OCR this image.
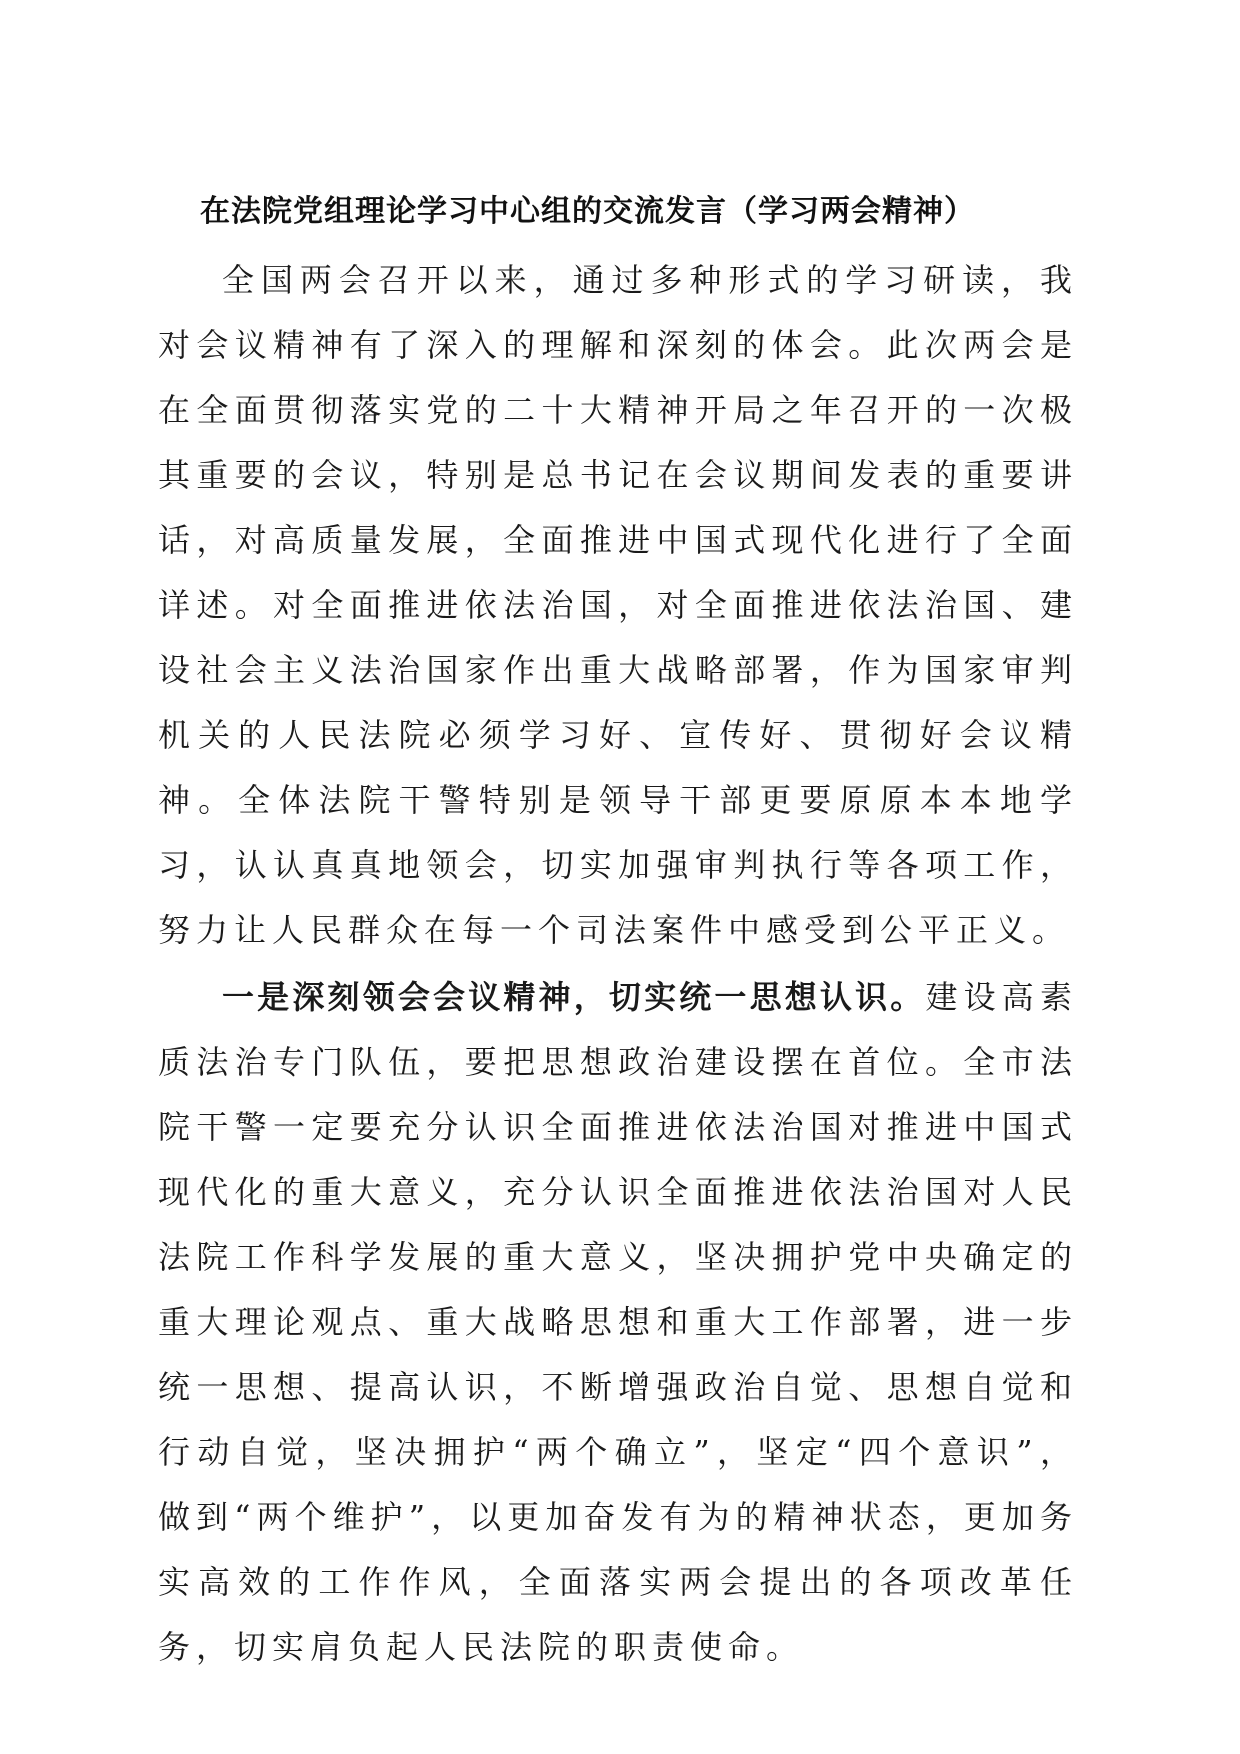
在法院党组理论学习中心组的交流发言（学习两会精神）

全国两会召开以来，通过多种形式的学习研读，我对会议精神有了深入的理解和深刻的体会。此次两会是在全面贯彻落实党的二十大精神开局之年召开的一次极其重要的会议，特别是总书记在会议期间发表的重要讲话，对高质量发展，全面推进中国式现代化进行了全面详述。对全面推进依法治国，对全面推进依法治国、建设社会主义法治国家作出重大战略部署，作为国家审判机关的人民法院必须学习好、宣传好、贯彻好会议精神。全体法院干警特别是领导干部更要原原本本地学习，认认真真地领会，切实加强审判执行等各项工作，努力让人民群众在每一个司法案件中感受到公平正义。

一是深刻领会会议精神，切实统一思想认识。建设高素质法治专门队伍，要把思想政治建设摆在首位。全市法院干警一定要充分认识全面推进依法治国对推进中国式现代化的重大意义，充分认识全面推进依法治国对人民法院工作科学发展的重大意义，坚决拥护党中央确定的重大理论观点、重大战略思想和重大工作部署，进一步统一思想、提高认识，不断增强政治自觉、思想自觉和行动自觉，坚决拥护“两个确立”，坚定“四个意识”，做到“两个维护”，以更加奋发有为的精神状态，更加务实高效的工作作风，全面落实两会提出的各项改革任务，切实肩负起人民法院的职责使命。
